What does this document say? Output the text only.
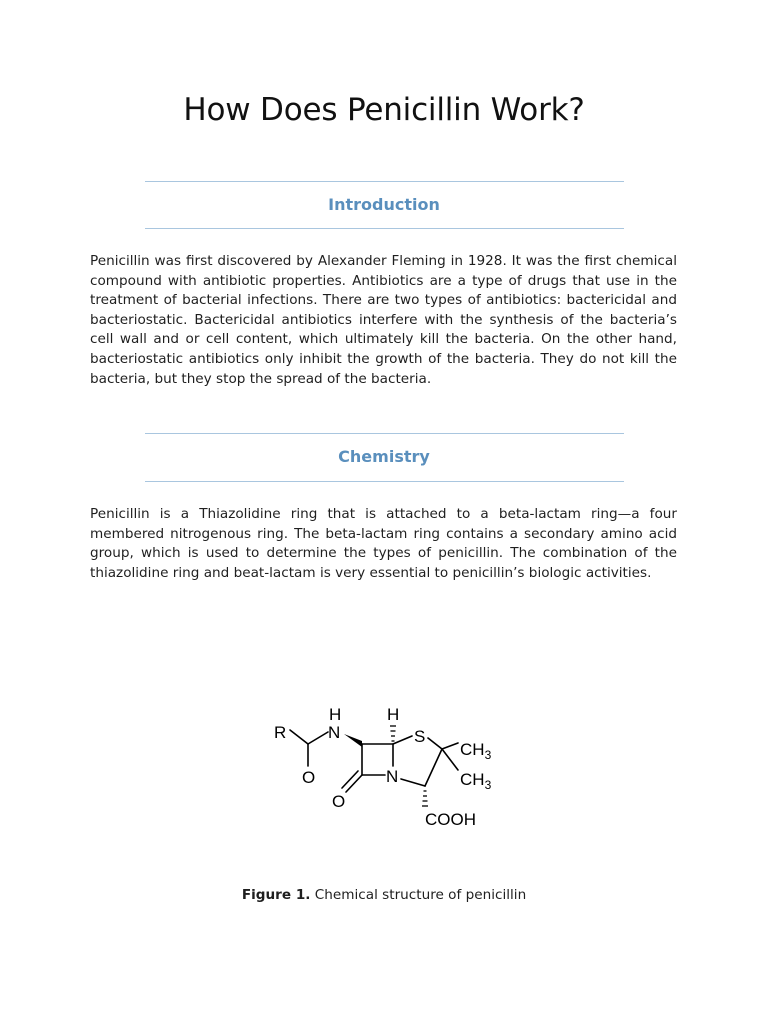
How Does Penicillin Work?
Introduction

Penicillin was first discovered by Alexander Fleming in 1928. It was the first chemical compound with antibiotic properties. Antibiotics are a type of drugs that use in the treatment of bacterial infections. There are two types of antibiotics: bactericidal and bacteriostatic. Bactericidal antibiotics interfere with the synthesis of the bacteria’s cell wall and or cell content, which ultimately kill the bacteria. On the other hand, bacteriostatic antibiotics only inhibit the growth of the bacteria. They do not kill the bacteria, but they stop the spread of the bacteria.

Chemistry

Penicillin is a Thiazolidine ring that is attached to a beta-lactam ring—a four membered nitrogenous ring. The beta-lactam ring contains a secondary amino acid group, which is used to determine the types of penicillin. The combination of the thiazolidine ring and beat-lactam is very essential to penicillin’s biologic activities.

R
H
N
H
S
$CH_3$
$CH_3$
O
O
N
COOH

Figure 1. Chemical structure of penicillin
